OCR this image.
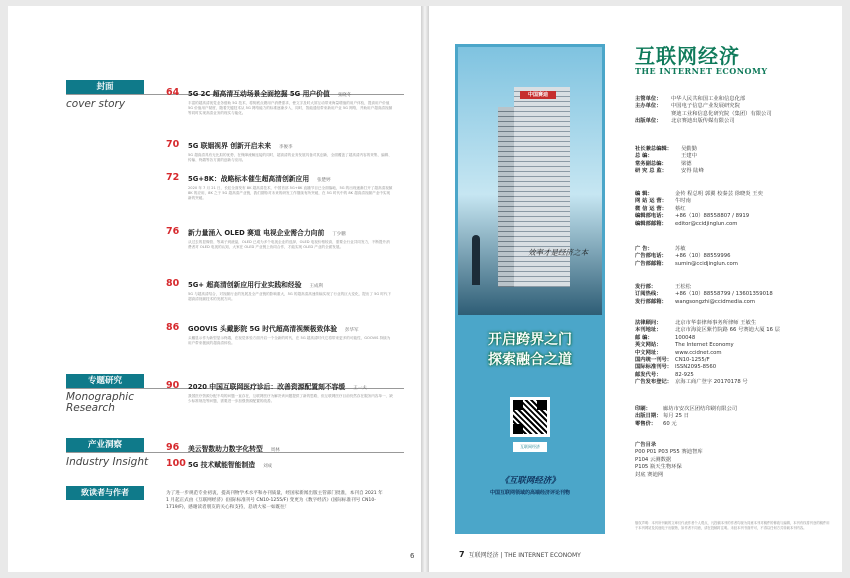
封面
cover story
64	5G 2C 超高清互动场景全面挖掘 5G 用户价值 张晓冬
丰富的超高清视觉业务借助 5G 技术，将彻底点燃用户消费需求，使文字及时大屏互动带来海量增值的用户体验，提高用户价值 5G 价值用户黏度，随着关键技术从 5G 网络能力的标准逐渐步入，同时，智能通信带来新用户业 5G 网络，并助用户超高清视频等同时实现高清业务的现实与能化。
70	5G 联姻视界 创新开启未来 李俊李
5G 超高清具有无比拟的优势，在保障流畅连接的同时，超高清的业务发展具备对其创新，全面覆盖了超高清内容的采集、编辑、传输、终端等各方面的创新与应用。
72	5G+8K：战略标本催生超高清创新应用 张楚婷
2020 年 7 月 21 日，长虹全面发布 8K 超高清技术，中国首部 5G+8K 直播节目已全面落地，5G 的出现逐渐打开了超高清视频 8K 的应用，8K 之于 5G 超高清产业链，我们期待对未来的研发工作继续有所突破，在 5G 时代中的 8K 超高清视频产业中实现新的突破。
76	新力量涌入 OLED 赛道 电视企业需合力向前 丁少鹏
从过去的显像管、等离子到液晶，OLED 已成为多个电视企业的选择，OLED 电视价格较高，需要全行业共同发力，不断提升消费者对 OLED 电视的认知，大家在 OLED 产业链上协同合作，才能实现 OLED 产业的全面发展。
80	5G+ 超高清创新应用行业实践和经验 王成利
5G 与超高清结合，对视频行业的发展及全产业链的影响重大，5G 的超高清高速传输实现了行业的巨大变化，提出了 5G 时代下超高清视频技术的发展方向。
86	GOOVIS 头戴影院 5G 时代超高清视频极致体验 彭华军
头戴显示作为新型显示终端，在视觉体验方面开启一个全新的时代，在 5G 超高清时代它将带来更多的可能性，GOOVIS 持续为用户带来极致的超高清体验。
专题研究
Monographic Research
90	2020 中国互联网医疗诊后：改善资源配置刻不容缓 王一夫
我国医疗资源分配不均的问题一直存在，互联网医疗为解决该问题提供了新的思路，但互联网医疗目前仍然存在服务内容单一、缺少标准规范等问题，需要进一步加强资源配置的改善。
产业洞察
Industry Insight
96	美云智数助力数字化转型 周林
100 5G 技术赋能智能制造 刘成
致读者与作者	为了进一步规范专业初衷，提高刊物学术水平和办刊质量，经国家新闻出版主管部门批准，本刊自 2021 年 1 月起正式由《互联网经济》(国际标准刊号 CN10-1255/F) 变更为《数字经济》(国际标准刊号 CN10-1719/F)，感谢读者朋友的关心和支持，恳请大家一如既往！
6
中国赛迪
效率才是经济之本
开启跨界之门
探索融合之道
互联网经济
《互联网经济》
中国互联网领域的高端经济评论刊物
互联网经济
THE INTERNET ECONOMY
主管单位：	中华人民共和国工业和信息化部
主办单位：	中国电子信息产业发展研究院
赛迪工业和信息化研究院（集团）有限公司
出版单位：	北京赛迪出版传媒有限公司
社长兼总编辑：	吴勤勤
总 编：	王建中
常务副总编：	梁德
研 究 总 监：	安得 陆峰
编 辑：	金传 程总明 郭翼 校秦芸 徐晓炎 王奕
网 站 运 营：	牛时南
微 信 运 营：	蔡红
编辑部电话：	+86（10）88558807 / 8919
编辑部邮箱：	editor@ccidjinglun.com
广 告：	苏敏
广告部电话：	+86（10）88559996
广告部邮箱：	sumin@ccidjinglun.com
发行部：	王松松
订阅热线：	+86（10）88558799 / 13601359018
发行部邮箱：	wangsongzhi@ccidmedia.com
法律顾问：	北京市华泰律师事务所律师 王敏生
本刊地址：	北京市海淀区紫竹院路 66 号赛迪大厦 16 层
邮 编：	100048
英文网站：	The Internet Economy
中文网址：	www.ccidnet.com
国内统一刊号： CN10-1255/F
国际标准刊号： ISSN2095-8560
邮发代号：	82-925
广告发布登记： 京海工商广登字 20170178 号
印刷：	廊坊市安次区团结印刷有限公司
出版日期： 每月 25 日
零售价：	60 元
广告目录
P00 P01 P03 P55 赛迪智库
P104 云测数据
P105 瓶天生物环保
封底 赛迪网
版权声明：本刊所刊载的文章仅代表作者个人观点，凡投稿本刊的作者均视为同意本刊对稿件的修改与编辑，本刊有权将刊登的稿件用于本刊网站及其他电子出版物，如作者不同意，请在投稿时注明。未经本刊书面许可，不得以任何方式转载本刊内容。
7 互联网经济 | THE INTERNET ECONOMY
